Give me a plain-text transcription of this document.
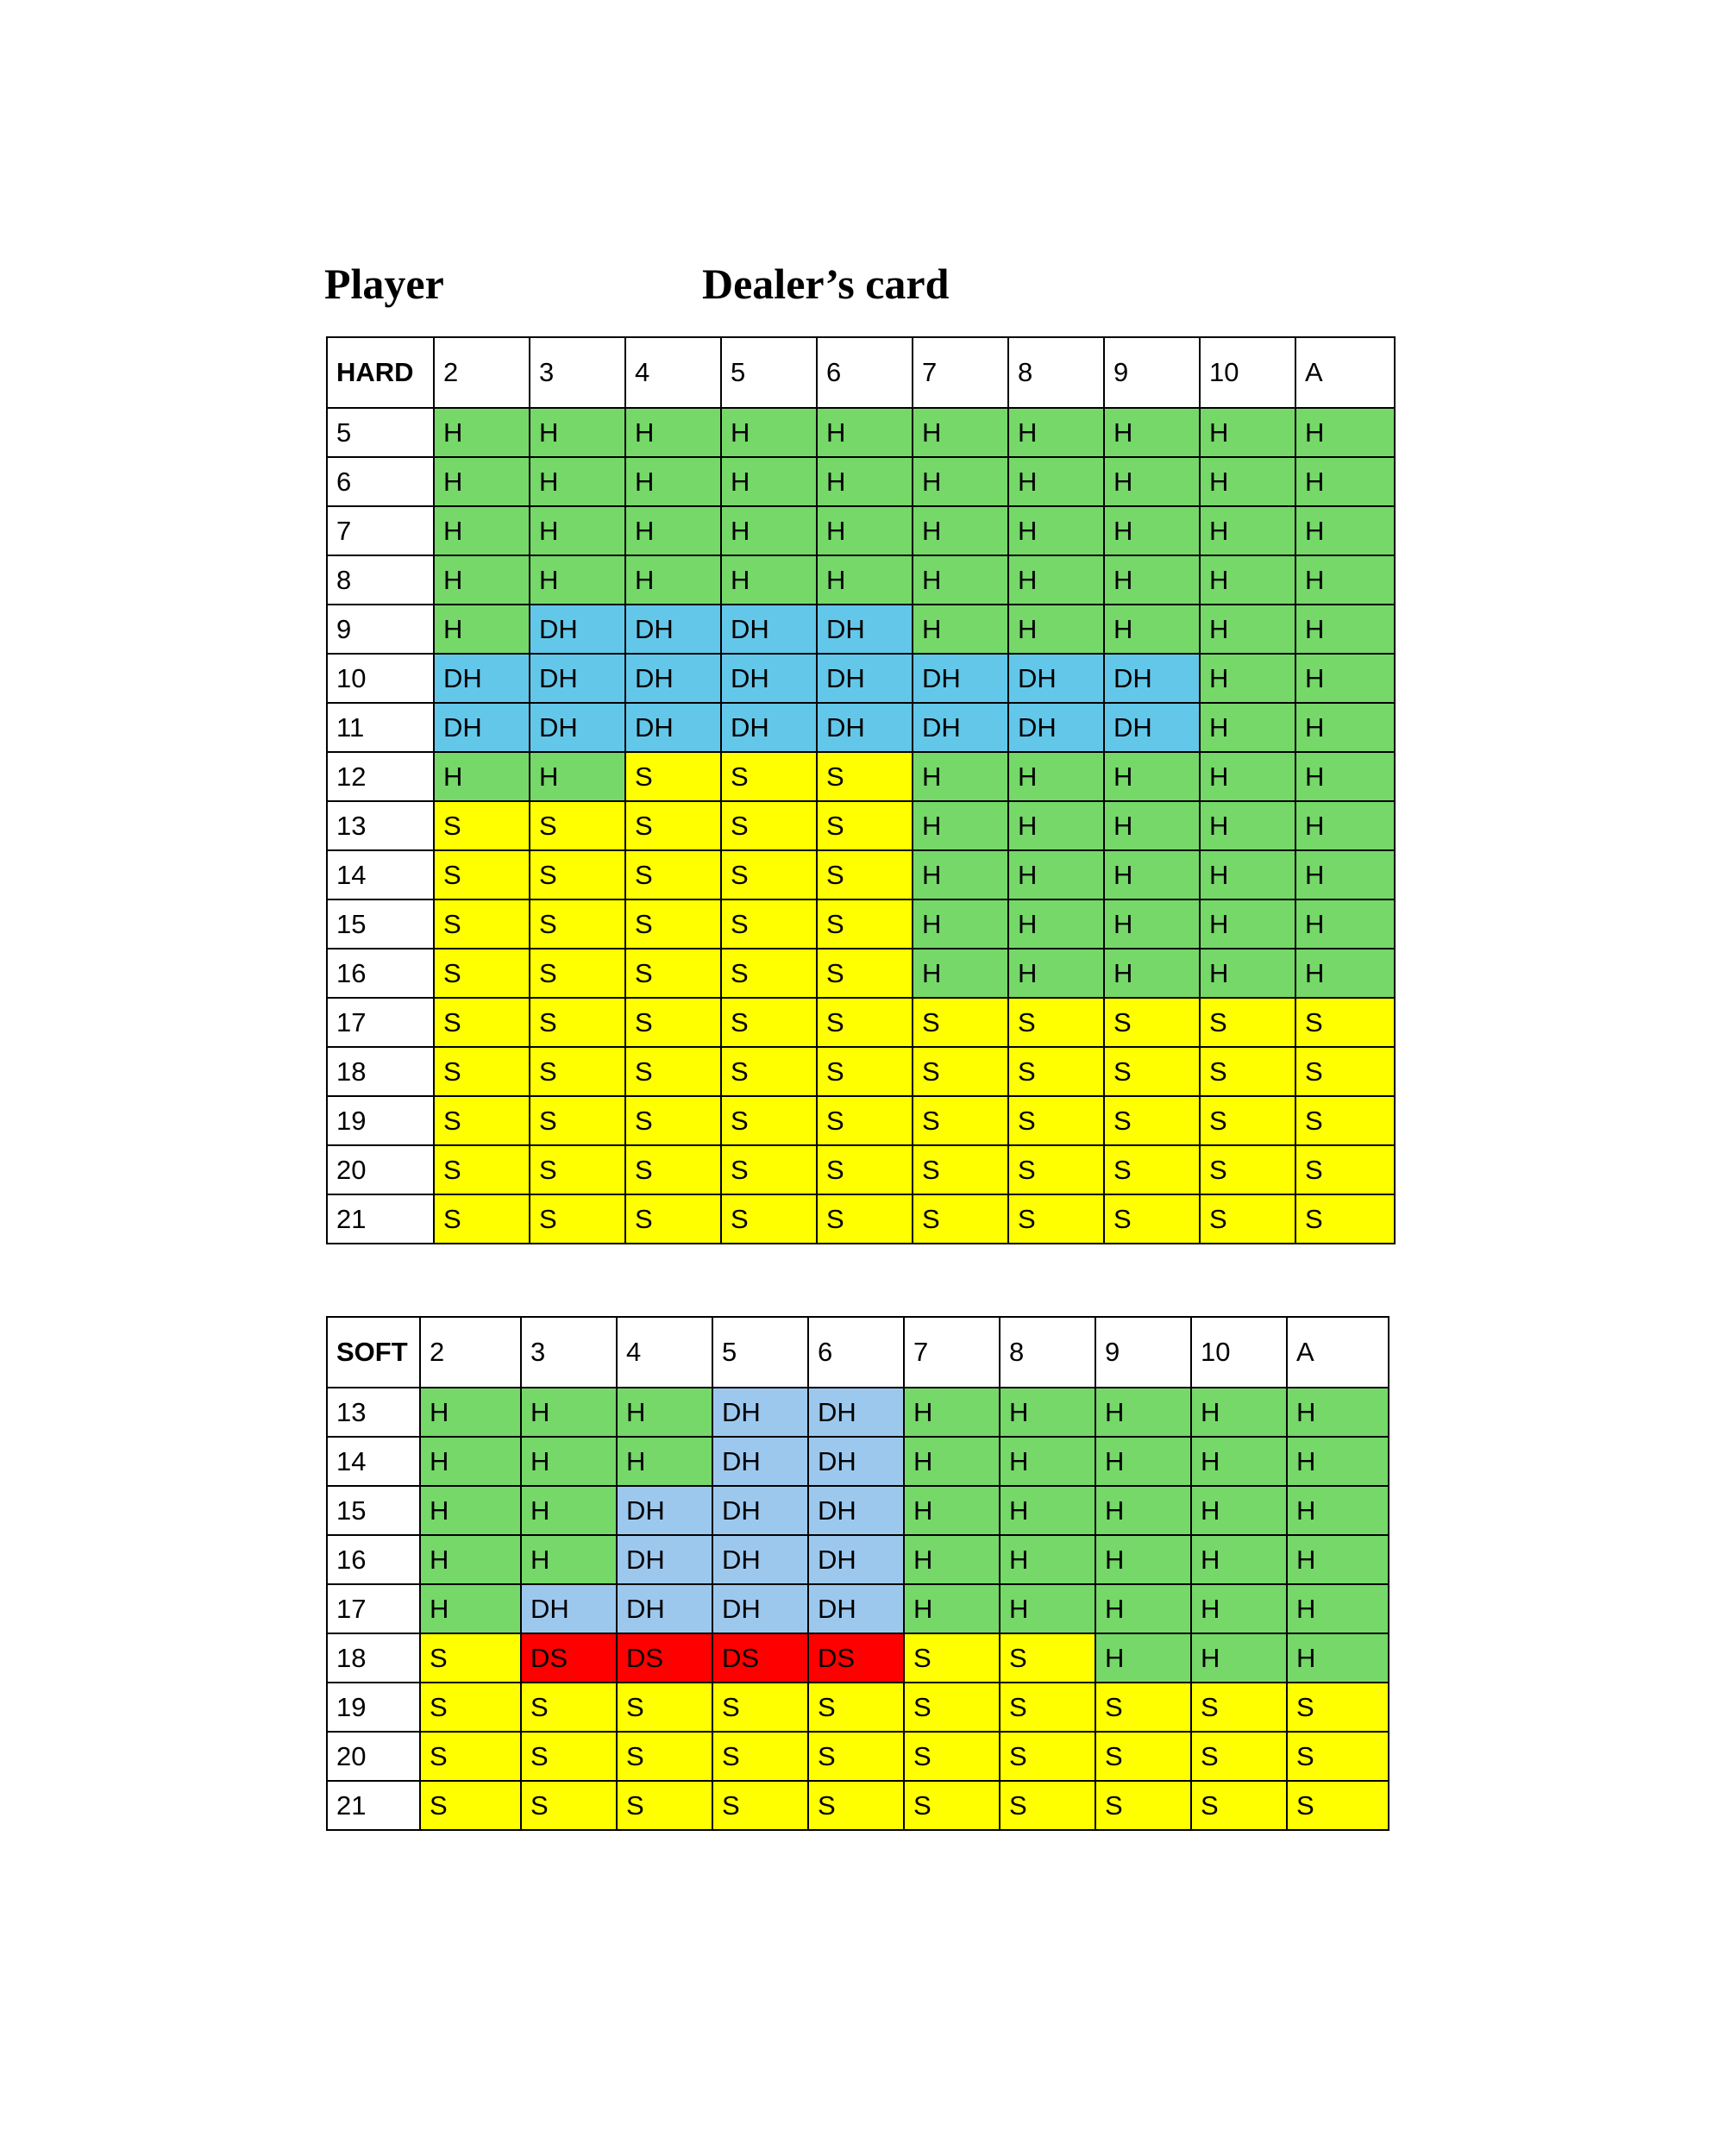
Player	Dealer’s card
HARD	2	3	4	5	6	7	8	9	10	A
5	H	H	H	H	H	H	H	H	H	H
6	H	H	H	H	H	H	H	H	H	H
7	H	H	H	H	H	H	H	H	H	H
8	H	H	H	H	H	H	H	H	H	H
9	H	DH	DH	DH	DH	H	H	H	H	H
10	DH	DH	DH	DH	DH	DH	DH	DH	H	H
11	DH	DH	DH	DH	DH	DH	DH	DH	H	H
12	H	H	S	S	S	H	H	H	H	H
13	S	S	S	S	S	H	H	H	H	H
14	S	S	S	S	S	H	H	H	H	H
15	S	S	S	S	S	H	H	H	H	H
16	S	S	S	S	S	H	H	H	H	H
17	S	S	S	S	S	S	S	S	S	S
18	S	S	S	S	S	S	S	S	S	S
19	S	S	S	S	S	S	S	S	S	S
20	S	S	S	S	S	S	S	S	S	S
21	S	S	S	S	S	S	S	S	S	S
SOFT	2	3	4	5	6	7	8	9	10	A
13	H	H	H	DH	DH	H	H	H	H	H
14	H	H	H	DH	DH	H	H	H	H	H
15	H	H	DH	DH	DH	H	H	H	H	H
16	H	H	DH	DH	DH	H	H	H	H	H
17	H	DH	DH	DH	DH	H	H	H	H	H
18	S	DS	DS	DS	DS	S	S	H	H	H
19	S	S	S	S	S	S	S	S	S	S
20	S	S	S	S	S	S	S	S	S	S
21	S	S	S	S	S	S	S	S	S	S
